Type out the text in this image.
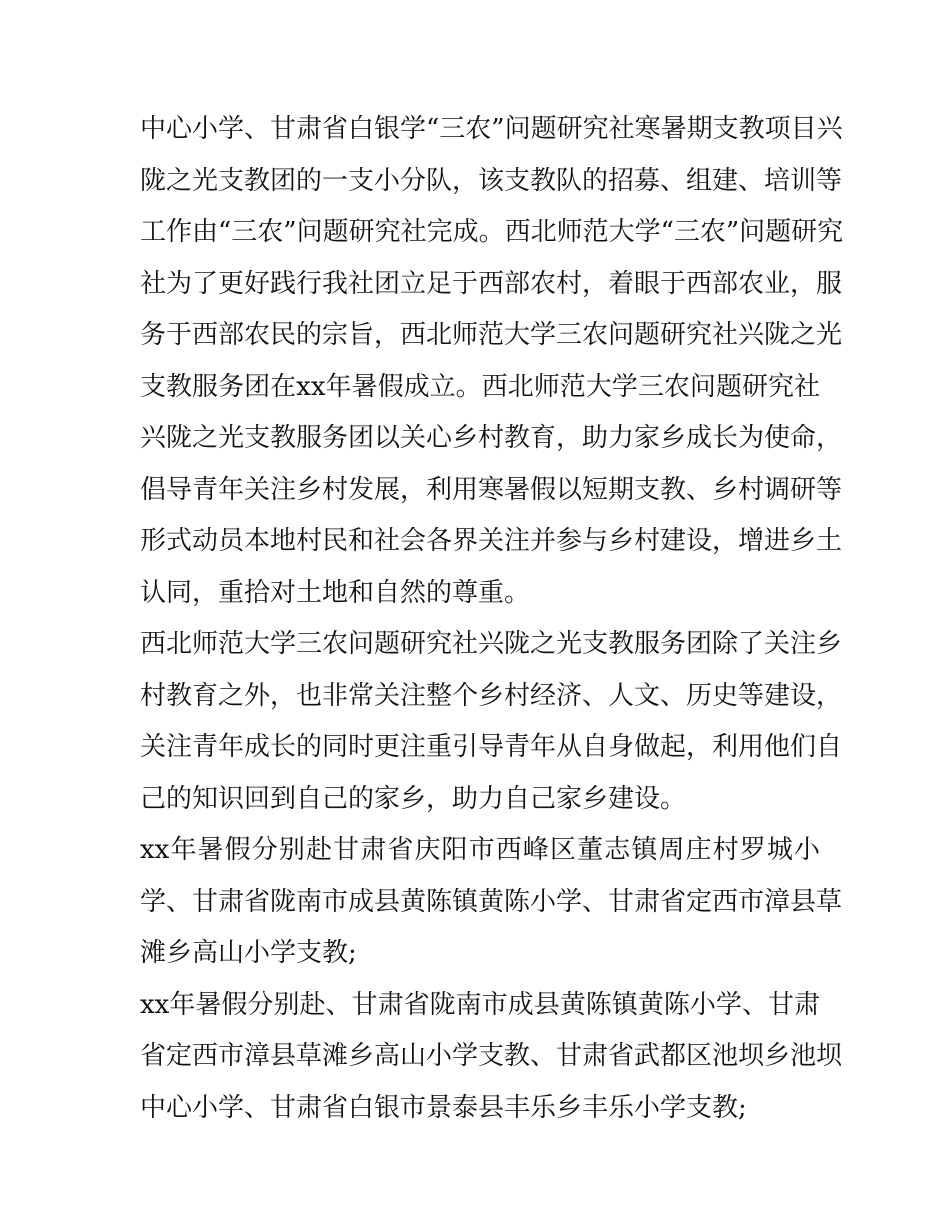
中心小学、甘肃省白银学“三农”问题研究社寒暑期支教项目兴
陇之光支教团的一支小分队，该支教队的招募、组建、培训等
工作由“三农”问题研究社完成。西北师范大学“三农”问题研究
社为了更好践行我社团立足于西部农村，着眼于西部农业，服
务于西部农民的宗旨，西北师范大学三农问题研究社兴陇之光
支教服务团在xx年暑假成立。西北师范大学三农问题研究社
兴陇之光支教服务团以关心乡村教育，助力家乡成长为使命，
倡导青年关注乡村发展，利用寒暑假以短期支教、乡村调研等
形式动员本地村民和社会各界关注并参与乡村建设，增进乡土
认同，重拾对土地和自然的尊重。
西北师范大学三农问题研究社兴陇之光支教服务团除了关注乡
村教育之外，也非常关注整个乡村经济、人文、历史等建设，
关注青年成长的同时更注重引导青年从自身做起，利用他们自
己的知识回到自己的家乡，助力自己家乡建设。
xx年暑假分别赴甘肃省庆阳市西峰区董志镇周庄村罗城小
学、甘肃省陇南市成县黄陈镇黄陈小学、甘肃省定西市漳县草
滩乡高山小学支教;
xx年暑假分别赴、甘肃省陇南市成县黄陈镇黄陈小学、甘肃
省定西市漳县草滩乡高山小学支教、甘肃省武都区池坝乡池坝
中心小学、甘肃省白银市景泰县丰乐乡丰乐小学支教;
